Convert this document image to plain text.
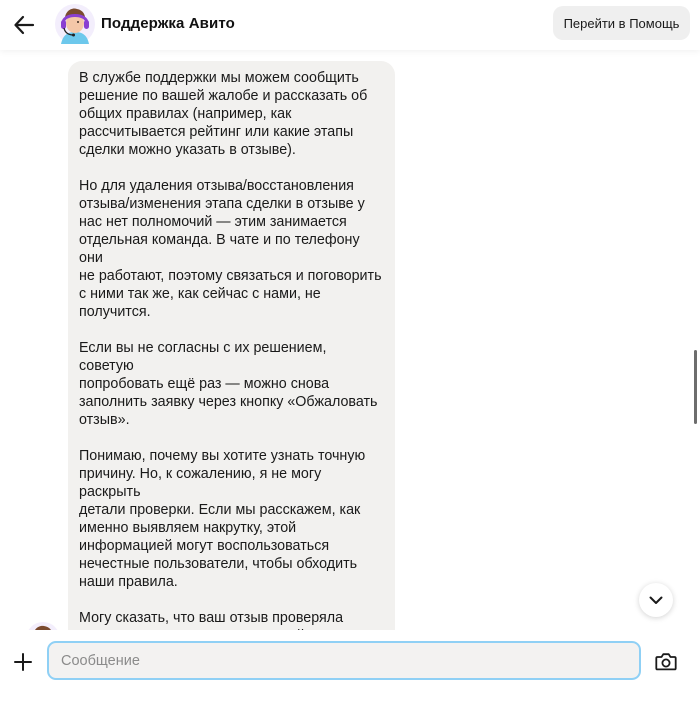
Поддержка Авито	Перейти в Помощь

В службе поддержки мы можем сообщить
решение по вашей жалобе и рассказать об
общих правилах (например, как
рассчитывается рейтинг или какие этапы
сделки можно указать в отзыве).

Но для удаления отзыва/восстановления
отзыва/изменения этапа сделки в отзыве у
нас нет полномочий — этим занимается
отдельная команда. В чате и по телефону они
не работают, поэтому связаться и поговорить
с ними так же, как сейчас с нами, не
получится.

Если вы не согласны с их решением, советую
попробовать ещё раз — можно снова
заполнить заявку через кнопку «Обжаловать
отзыв».

Понимаю, почему вы хотите узнать точную
причину. Но, к сожалению, я не могу раскрыть
детали проверки. Если мы расскажем, как
именно выявляем накрутку, этой
информацией могут воспользоваться
нечестные пользователи, чтобы обходить
наши правила.

Могу сказать, что ваш отзыв проверяла

Сообщение
